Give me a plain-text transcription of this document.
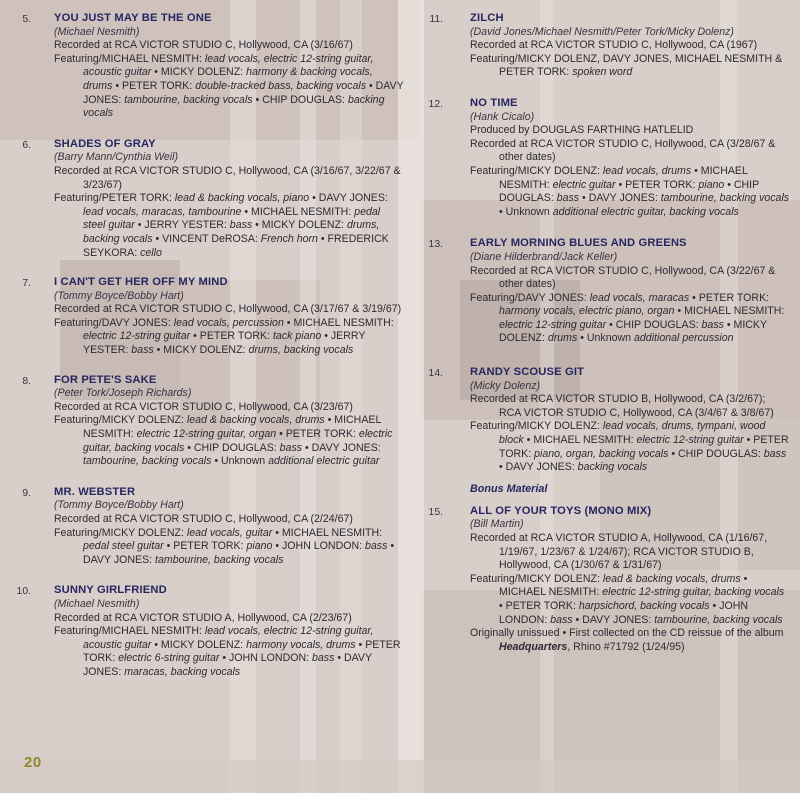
5. YOU JUST MAY BE THE ONE
(Michael Nesmith)
Recorded at RCA VICTOR STUDIO C, Hollywood, CA (3/16/67)
Featuring/MICHAEL NESMITH: lead vocals, electric 12-string guitar, acoustic guitar • MICKY DOLENZ: harmony & backing vocals, drums • PETER TORK: double-tracked bass, backing vocals • DAVY JONES: tambourine, backing vocals • CHIP DOUGLAS: backing vocals
6. SHADES OF GRAY
(Barry Mann/Cynthia Weil)
Recorded at RCA VICTOR STUDIO C, Hollywood, CA (3/16/67, 3/22/67 & 3/23/67)
Featuring/PETER TORK: lead & backing vocals, piano • DAVY JONES: lead vocals, maracas, tambourine • MICHAEL NESMITH: pedal steel guitar • JERRY YESTER: bass • MICKY DOLENZ: drums, backing vocals • VINCENT DeROSA: French horn • FREDERICK SEYKORA: cello
7. I CAN'T GET HER OFF MY MIND
(Tommy Boyce/Bobby Hart)
Recorded at RCA VICTOR STUDIO C, Hollywood, CA (3/17/67 & 3/19/67)
Featuring/DAVY JONES: lead vocals, percussion • MICHAEL NESMITH: electric 12-string guitar • PETER TORK: tack piano • JERRY YESTER: bass • MICKY DOLENZ: drums, backing vocals
8. FOR PETE'S SAKE
(Peter Tork/Joseph Richards)
Recorded at RCA VICTOR STUDIO C, Hollywood, CA (3/23/67)
Featuring/MICKY DOLENZ: lead & backing vocals, drums • MICHAEL NESMITH: electric 12-string guitar, organ • PETER TORK: electric guitar, backing vocals • CHIP DOUGLAS: bass • DAVY JONES: tambourine, backing vocals • Unknown additional electric guitar
9. MR. WEBSTER
(Tommy Boyce/Bobby Hart)
Recorded at RCA VICTOR STUDIO C, Hollywood, CA (2/24/67)
Featuring/MICKY DOLENZ: lead vocals, guitar • MICHAEL NESMITH: pedal steel guitar • PETER TORK: piano • JOHN LONDON: bass • DAVY JONES: tambourine, backing vocals
10. SUNNY GIRLFRIEND
(Michael Nesmith)
Recorded at RCA VICTOR STUDIO A, Hollywood, CA (2/23/67)
Featuring/MICHAEL NESMITH: lead vocals, electric 12-string guitar, acoustic guitar • MICKY DOLENZ: harmony vocals, drums • PETER TORK: electric 6-string guitar • JOHN LONDON: bass • DAVY JONES: maracas, backing vocals
11. ZILCH
(David Jones/Michael Nesmith/Peter Tork/Micky Dolenz)
Recorded at RCA VICTOR STUDIO C, Hollywood, CA (1967)
Featuring/MICKY DOLENZ, DAVY JONES, MICHAEL NESMITH & PETER TORK: spoken word
12. NO TIME
(Hank Cicalo)
Produced by DOUGLAS FARTHING HATLELID
Recorded at RCA VICTOR STUDIO C, Hollywood, CA (3/28/67 & other dates)
Featuring/MICKY DOLENZ: lead vocals, drums • MICHAEL NESMITH: electric guitar • PETER TORK: piano • CHIP DOUGLAS: bass • DAVY JONES: tambourine, backing vocals • Unknown additional electric guitar, backing vocals
13. EARLY MORNING BLUES AND GREENS
(Diane Hilderbrand/Jack Keller)
Recorded at RCA VICTOR STUDIO C, Hollywood, CA (3/22/67 & other dates)
Featuring/DAVY JONES: lead vocals, maracas • PETER TORK: harmony vocals, electric piano, organ • MICHAEL NESMITH: electric 12-string guitar • CHIP DOUGLAS: bass • MICKY DOLENZ: drums • Unknown additional percussion
14. RANDY SCOUSE GIT
(Micky Dolenz)
Recorded at RCA VICTOR STUDIO B, Hollywood, CA (3/2/67); RCA VICTOR STUDIO C, Hollywood, CA (3/4/67 & 3/8/67)
Featuring/MICKY DOLENZ: lead vocals, drums, tympani, wood block • MICHAEL NESMITH: electric 12-string guitar • PETER TORK: piano, organ, backing vocals • CHIP DOUGLAS: bass • DAVY JONES: backing vocals
Bonus Material
15. ALL OF YOUR TOYS (MONO MIX)
(Bill Martin)
Recorded at RCA VICTOR STUDIO A, Hollywood, CA (1/16/67, 1/19/67, 1/23/67 & 1/24/67); RCA VICTOR STUDIO B, Hollywood, CA (1/30/67 & 1/31/67)
Featuring/MICKY DOLENZ: lead & backing vocals, drums • MICHAEL NESMITH: electric 12-string guitar, backing vocals • PETER TORK: harpsichord, backing vocals • JOHN LONDON: bass • DAVY JONES: tambourine, backing vocals
Originally unissued • First collected on the CD reissue of the album Headquarters, Rhino #71792 (1/24/95)
20
